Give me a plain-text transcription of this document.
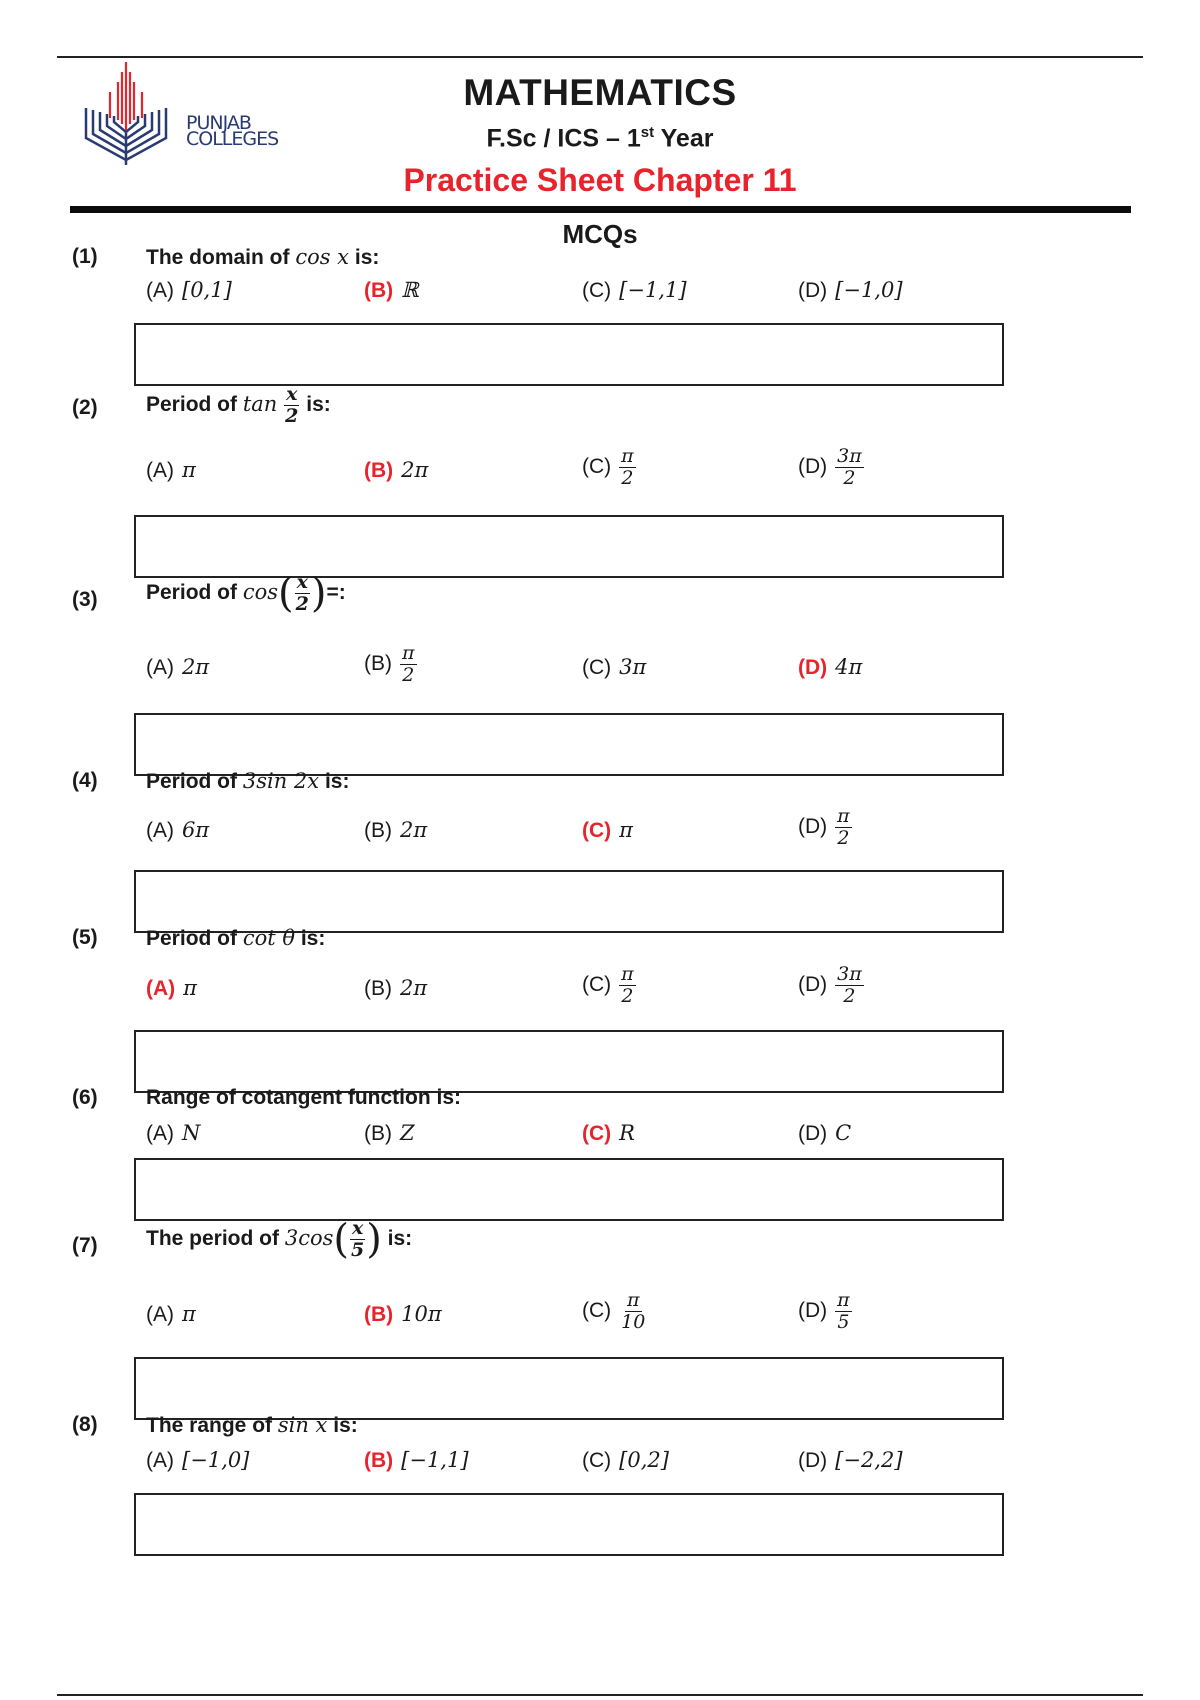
PUNJAB
COLLEGES
MATHEMATICS
F.Sc / ICS – 1st Year
Practice Sheet Chapter 11
MCQs
(1) The domain of cos x is:
(A) [0,1]	(B) ℝ	(C) [−1,1]	(D) [−1,0]
(2) Period of $\tan \frac{x}{2}$ is:
(A) π	(B) 2π	$(C) \frac{\pi}{2}$	$(D) \frac{3\pi}{2}$
(3) Period of $\cos( \frac{x}{2}$ )=:
(A) 2π	$(B) \frac{\pi}{2}$	(C) 3π	(D) 4π
(4) Period of 3sin 2x is:
(A) 6π	(B) 2π	(C) π	$(D) \frac{\pi}{2}$
(5) Period of cot θ is:
(A) π	(B) 2π	$(C) \frac{\pi}{2}$	$(D) \frac{3\pi}{2}$
(6) Range of cotangent function is:
(A) N	(B) Z	(C) R	(D) C
(7) The period of $3\cos( \frac{x}{5}$ ) is:
(A) π	(B) 10π	$(C) \frac{\pi}{10}$	$(D) \frac{\pi}{5}$
(8) The range of sin x is:
(A) [−1,0]	(B) [−1,1]	(C) [0,2]	(D) [−2,2]
